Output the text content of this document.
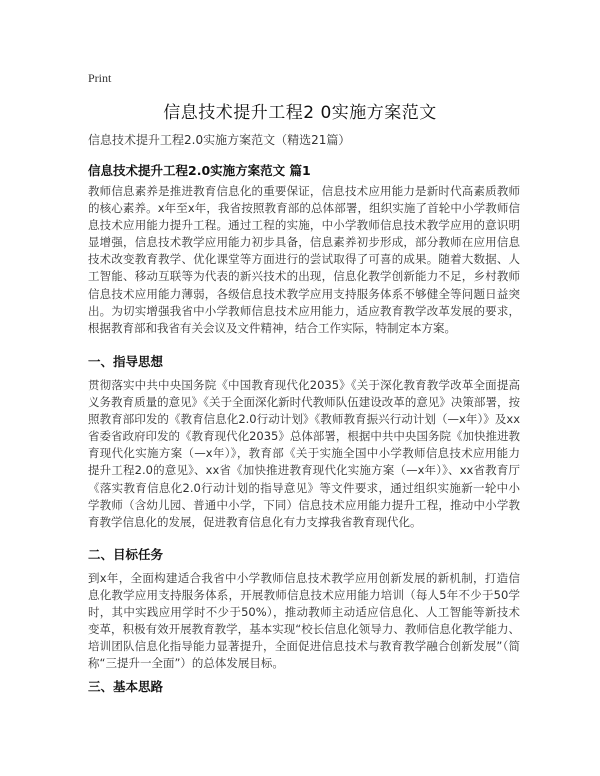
Print
信息技术提升工程2 0实施方案范文
信息技术提升工程2.0实施方案范文（精选21篇）
信息技术提升工程2.0实施方案范文 篇1

教师信息素养是推进教育信息化的重要保证，信息技术应用能力是新时代高素质教师的核心素养。x年至x年，我省按照教育部的总体部署，组织实施了首轮中小学教师信息技术应用能力提升工程。通过工程的实施，中小学教师信息技术教学应用的意识明显增强，信息技术教学应用能力初步具备，信息素养初步形成，部分教师在应用信息技术改变教育教学、优化课堂等方面进行的尝试取得了可喜的成果。随着大数据、人工智能、移动互联等为代表的新兴技术的出现，信息化教学创新能力不足，乡村教师信息技术应用能力薄弱，各级信息技术教学应用支持服务体系不够健全等问题日益突出。为切实增强我省中小学教师信息技术应用能力，适应教育教学改革发展的要求，根据教育部和我省有关会议及文件精神，结合工作实际，特制定本方案。

一、指导思想

贯彻落实中共中央国务院《中国教育现代化2035》《关于深化教育教学改革全面提高义务教育质量的意见》《关于全面深化新时代教师队伍建设改革的意见》决策部署，按照教育部印发的《教育信息化2.0行动计划》《教师教育振兴行动计划（—x年）》及xx省委省政府印发的《教育现代化2035》总体部署，根据中共中央国务院《加快推进教育现代化实施方案（—x年）》，教育部《关于实施全国中小学教师信息技术应用能力提升工程2.0的意见》、xx省《加快推进教育现代化实施方案（—x年）》、xx省教育厅《落实教育信息化2.0行动计划的指导意见》等文件要求，通过组织实施新一轮中小学教师（含幼儿园、普通中小学，下同）信息技术应用能力提升工程，推动中小学教育教学信息化的发展，促进教育信息化有力支撑我省教育现代化。

二、目标任务

到x年，全面构建适合我省中小学教师信息技术教学应用创新发展的新机制，打造信息化教学应用支持服务体系，开展教师信息技术应用能力培训（每人5年不少于50学时，其中实践应用学时不少于50%），推动教师主动适应信息化、人工智能等新技术变革，积极有效开展教育教学，基本实现“校长信息化领导力、教师信息化教学能力、培训团队信息化指导能力显著提升，全面促进信息技术与教育教学融合创新发展”（简称“三提升一全面”）的总体发展目标。

三、基本思路
